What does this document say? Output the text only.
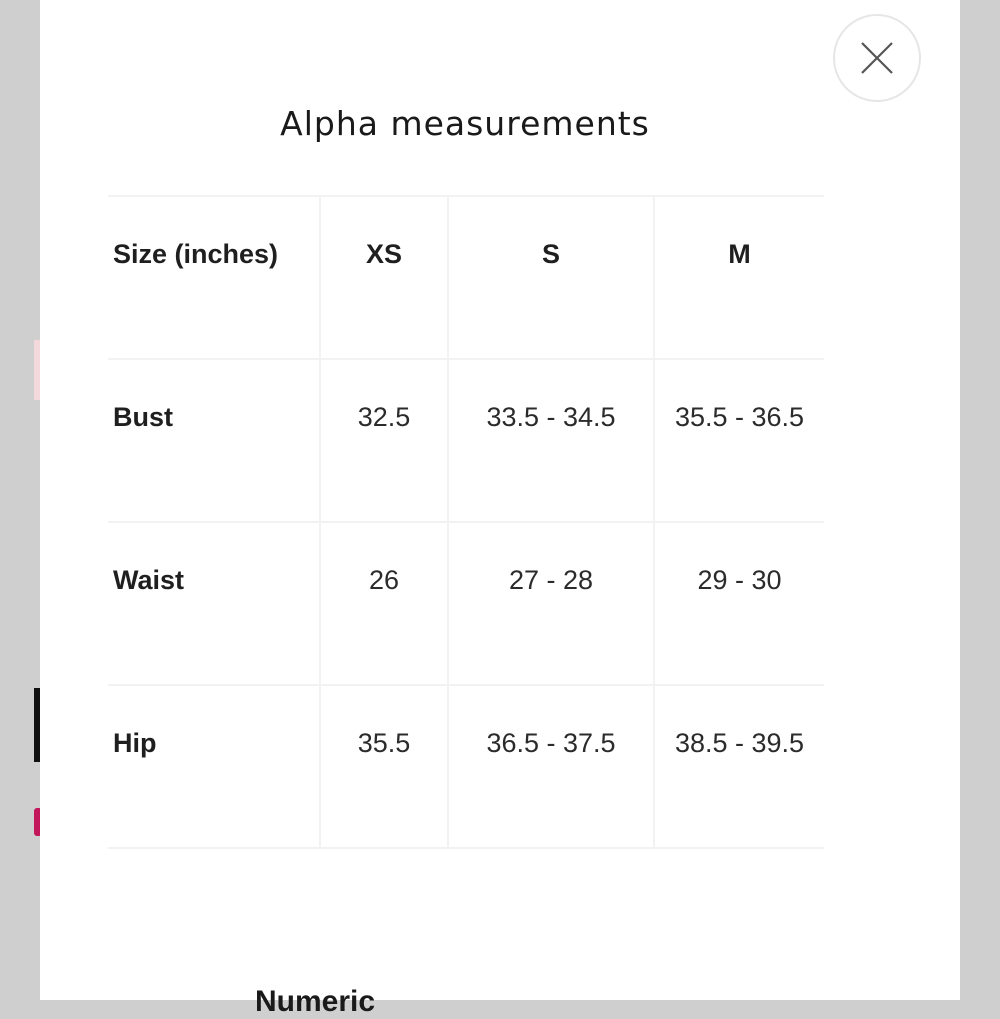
Alpha measurements
Size (inches)	XS	S	M
Bust	32.5	33.5 - 34.5	35.5 - 36.5
Waist	26	27 - 28	29 - 30
Hip	35.5	36.5 - 37.5	38.5 - 39.5
Numeric
